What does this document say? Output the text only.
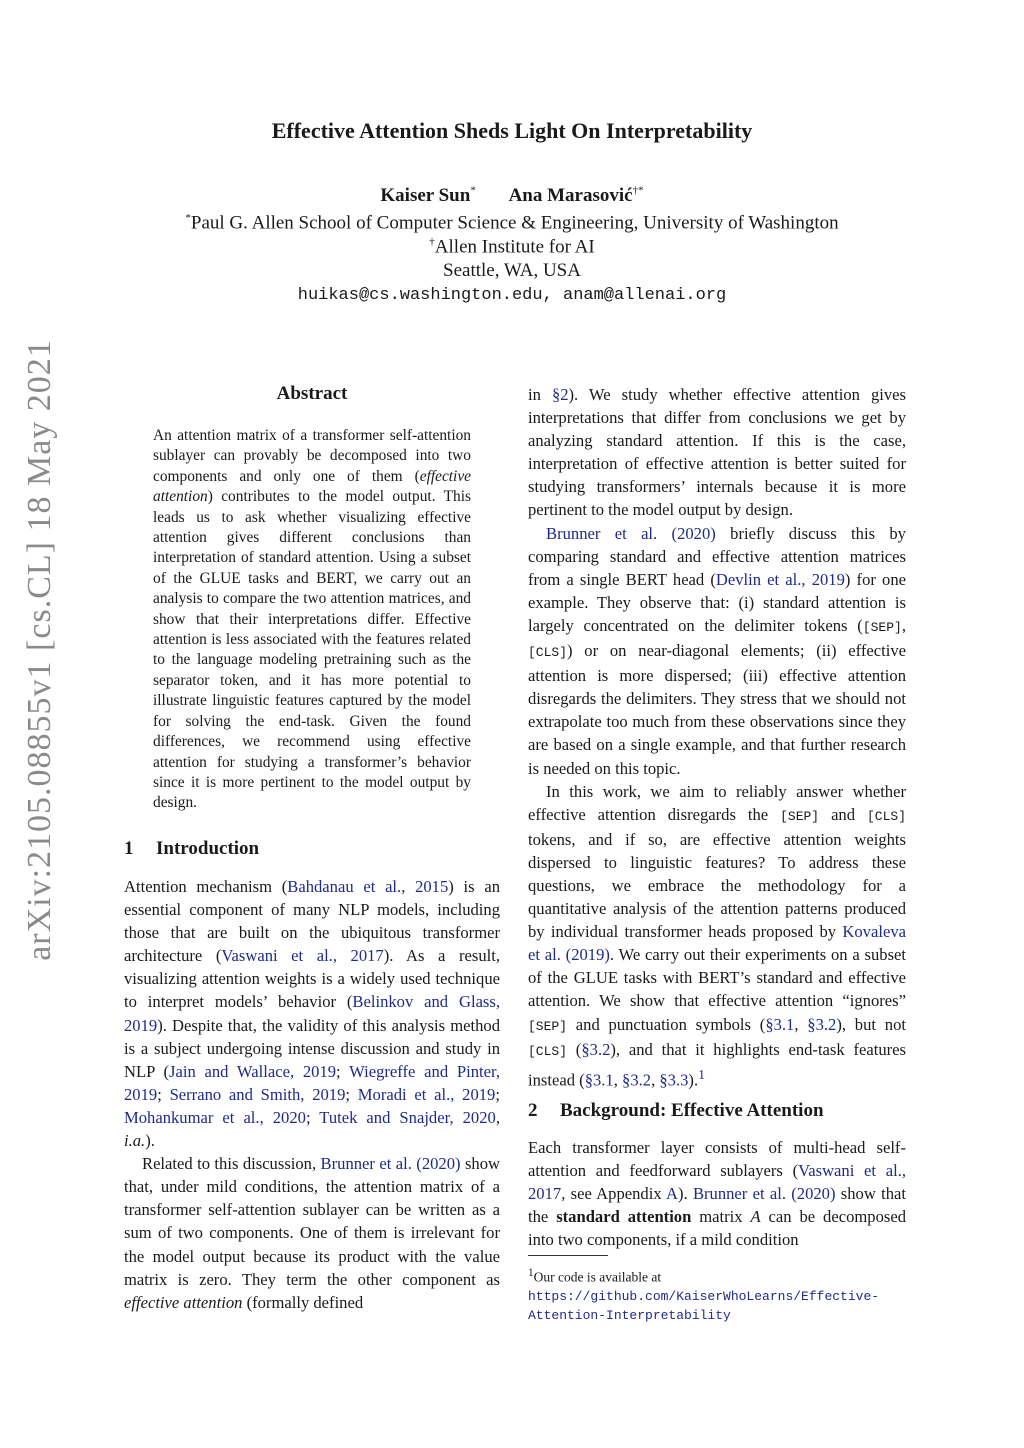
arXiv:2105.08855v1 [cs.CL] 18 May 2021
Effective Attention Sheds Light On Interpretability
Kaiser Sun* Ana Marasović†*
*Paul G. Allen School of Computer Science & Engineering, University of Washington
†Allen Institute for AI
Seattle, WA, USA
huikas@cs.washington.edu, anam@allenai.org
Abstract
An attention matrix of a transformer self-attention sublayer can provably be decomposed into two components and only one of them (effective attention) contributes to the model output. This leads us to ask whether visualizing effective attention gives different conclusions than interpretation of standard attention. Using a subset of the GLUE tasks and BERT, we carry out an analysis to compare the two attention matrices, and show that their interpretations differ. Effective attention is less associated with the features related to the language modeling pretraining such as the separator token, and it has more potential to illustrate linguistic features captured by the model for solving the end-task. Given the found differences, we recommend using effective attention for studying a transformer’s behavior since it is more pertinent to the model output by design.
1 Introduction

Attention mechanism (Bahdanau et al., 2015) is an essential component of many NLP models, including those that are built on the ubiquitous transformer architecture (Vaswani et al., 2017). As a result, visualizing attention weights is a widely used technique to interpret models’ behavior (Belinkov and Glass, 2019). Despite that, the validity of this analysis method is a subject undergoing intense discussion and study in NLP (Jain and Wallace, 2019; Wiegreffe and Pinter, 2019; Serrano and Smith, 2019; Moradi et al., 2019; Mohankumar et al., 2020; Tutek and Snajder, 2020, i.a.).

Related to this discussion, Brunner et al. (2020) show that, under mild conditions, the attention matrix of a transformer self-attention sublayer can be written as a sum of two components. One of them is irrelevant for the model output because its product with the value matrix is zero. They term the other component as effective attention (formally defined

in §2). We study whether effective attention gives interpretations that differ from conclusions we get by analyzing standard attention. If this is the case, interpretation of effective attention is better suited for studying transformers’ internals because it is more pertinent to the model output by design.

Brunner et al. (2020) briefly discuss this by comparing standard and effective attention matrices from a single BERT head (Devlin et al., 2019) for one example. They observe that: (i) standard attention is largely concentrated on the delimiter tokens ([SEP], [CLS]) or on near-diagonal elements; (ii) effective attention is more dispersed; (iii) effective attention disregards the delimiters. They stress that we should not extrapolate too much from these observations since they are based on a single example, and that further research is needed on this topic.

In this work, we aim to reliably answer whether effective attention disregards the [SEP] and [CLS] tokens, and if so, are effective attention weights dispersed to linguistic features? To address these questions, we embrace the methodology for a quantitative analysis of the attention patterns produced by individual transformer heads proposed by Kovaleva et al. (2019). We carry out their experiments on a subset of the GLUE tasks with BERT’s standard and effective attention. We show that effective attention “ignores” [SEP] and punctuation symbols (§3.1, §3.2), but not [CLS] (§3.2), and that it highlights end-task features instead (§3.1, §3.2, §3.3).$^1$

2 Background: Effective Attention

Each transformer layer consists of multi-head self-attention and feedforward sublayers (Vaswani et al., 2017, see Appendix A). Brunner et al. (2020) show that the standard attention matrix A can be decomposed into two components, if a mild condition

$^1$Our code is available at https://github.com/KaiserWhoLearns/Effective-Attention-Interpretability
